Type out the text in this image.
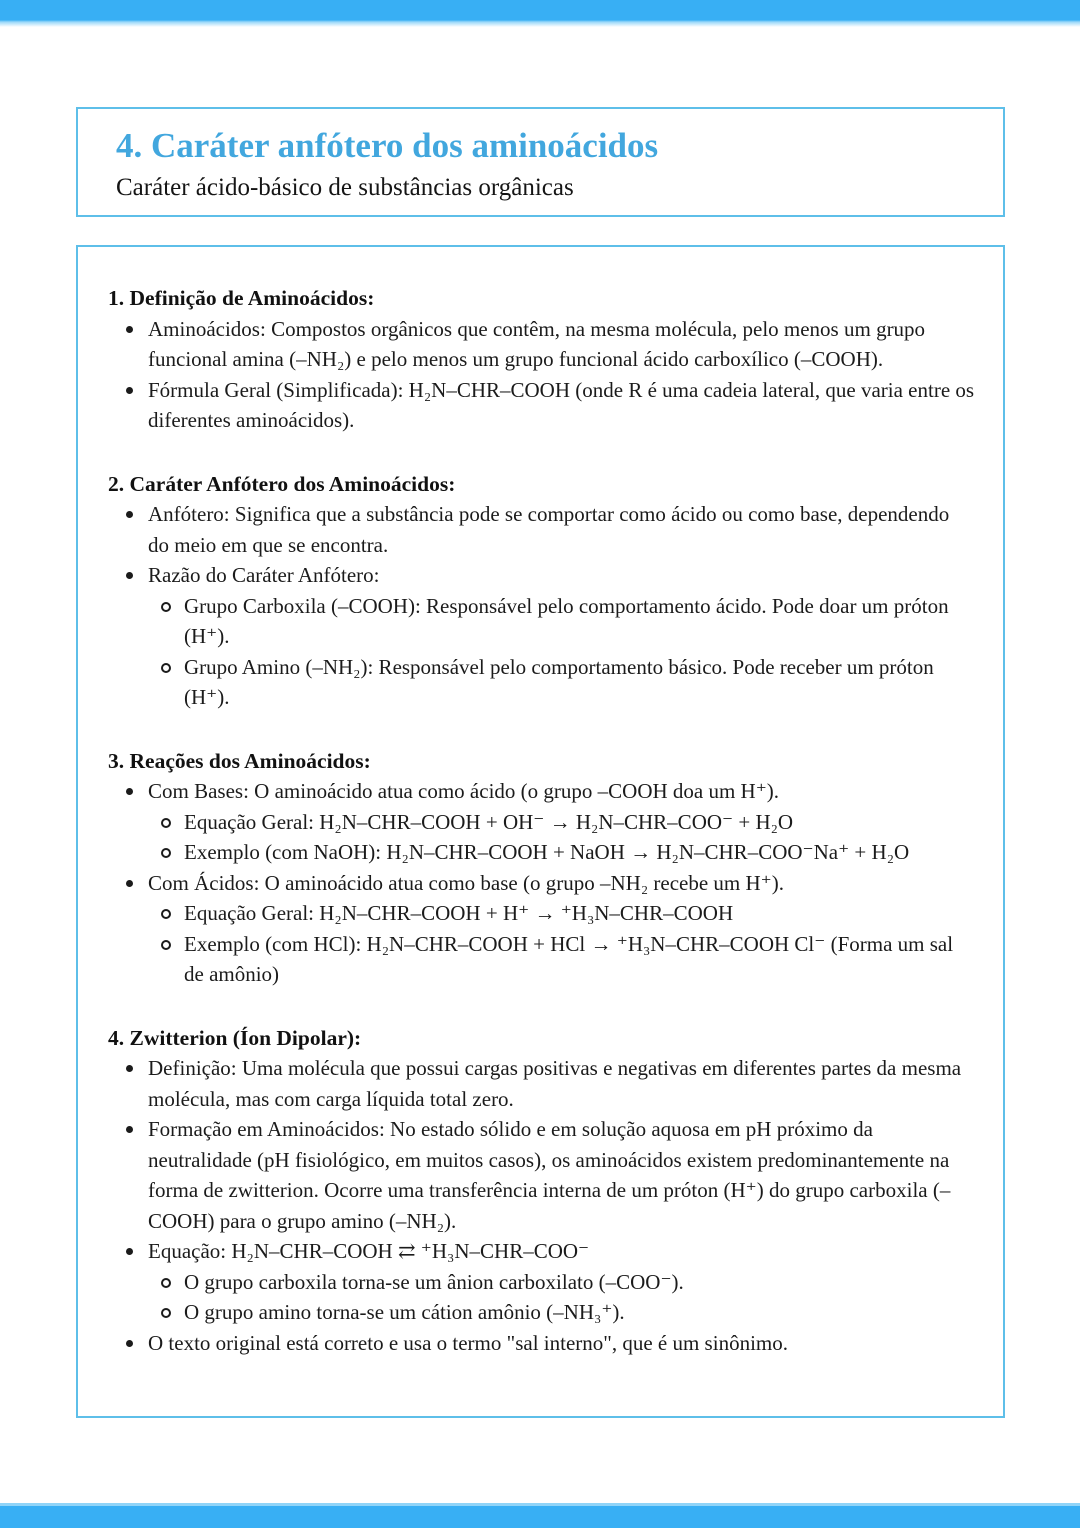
4. Caráter anfótero dos aminoácidos

Caráter ácido-básico de substâncias orgânicas

1. Definição de Aminoácidos:
Aminoácidos: Compostos orgânicos que contêm, na mesma molécula, pelo menos um grupo funcional amina (–NH₂) e pelo menos um grupo funcional ácido carboxílico (–COOH).
Fórmula Geral (Simplificada): H₂N–CHR–COOH (onde R é uma cadeia lateral, que varia entre os diferentes aminoácidos).
2. Caráter Anfótero dos Aminoácidos:
Anfótero: Significa que a substância pode se comportar como ácido ou como base, dependendo do meio em que se encontra.
Razão do Caráter Anfótero:
Grupo Carboxila (–COOH): Responsável pelo comportamento ácido. Pode doar um próton (H⁺).
Grupo Amino (–NH₂): Responsável pelo comportamento básico. Pode receber um próton (H⁺).
3. Reações dos Aminoácidos:
Com Bases: O aminoácido atua como ácido (o grupo –COOH doa um H⁺).
Equação Geral: H₂N–CHR–COOH + OH⁻ → H₂N–CHR–COO⁻ + H₂O
Exemplo (com NaOH): H₂N–CHR–COOH + NaOH → H₂N–CHR–COO⁻Na⁺ + H₂O
Com Ácidos: O aminoácido atua como base (o grupo –NH₂ recebe um H⁺).
Equação Geral: H₂N–CHR–COOH + H⁺ → ⁺H₃N–CHR–COOH
Exemplo (com HCl): H₂N–CHR–COOH + HCl → ⁺H₃N–CHR–COOH Cl⁻ (Forma um sal de amônio)
4. Zwitterion (Íon Dipolar):
Definição: Uma molécula que possui cargas positivas e negativas em diferentes partes da mesma molécula, mas com carga líquida total zero.
Formação em Aminoácidos: No estado sólido e em solução aquosa em pH próximo da neutralidade (pH fisiológico, em muitos casos), os aminoácidos existem predominantemente na forma de zwitterion. Ocorre uma transferência interna de um próton (H⁺) do grupo carboxila (–COOH) para o grupo amino (–NH₂).
Equação: H₂N–CHR–COOH ⇄ ⁺H₃N–CHR–COO⁻
O grupo carboxila torna-se um ânion carboxilato (–COO⁻).
O grupo amino torna-se um cátion amônio (–NH₃⁺).
O texto original está correto e usa o termo "sal interno", que é um sinônimo.
